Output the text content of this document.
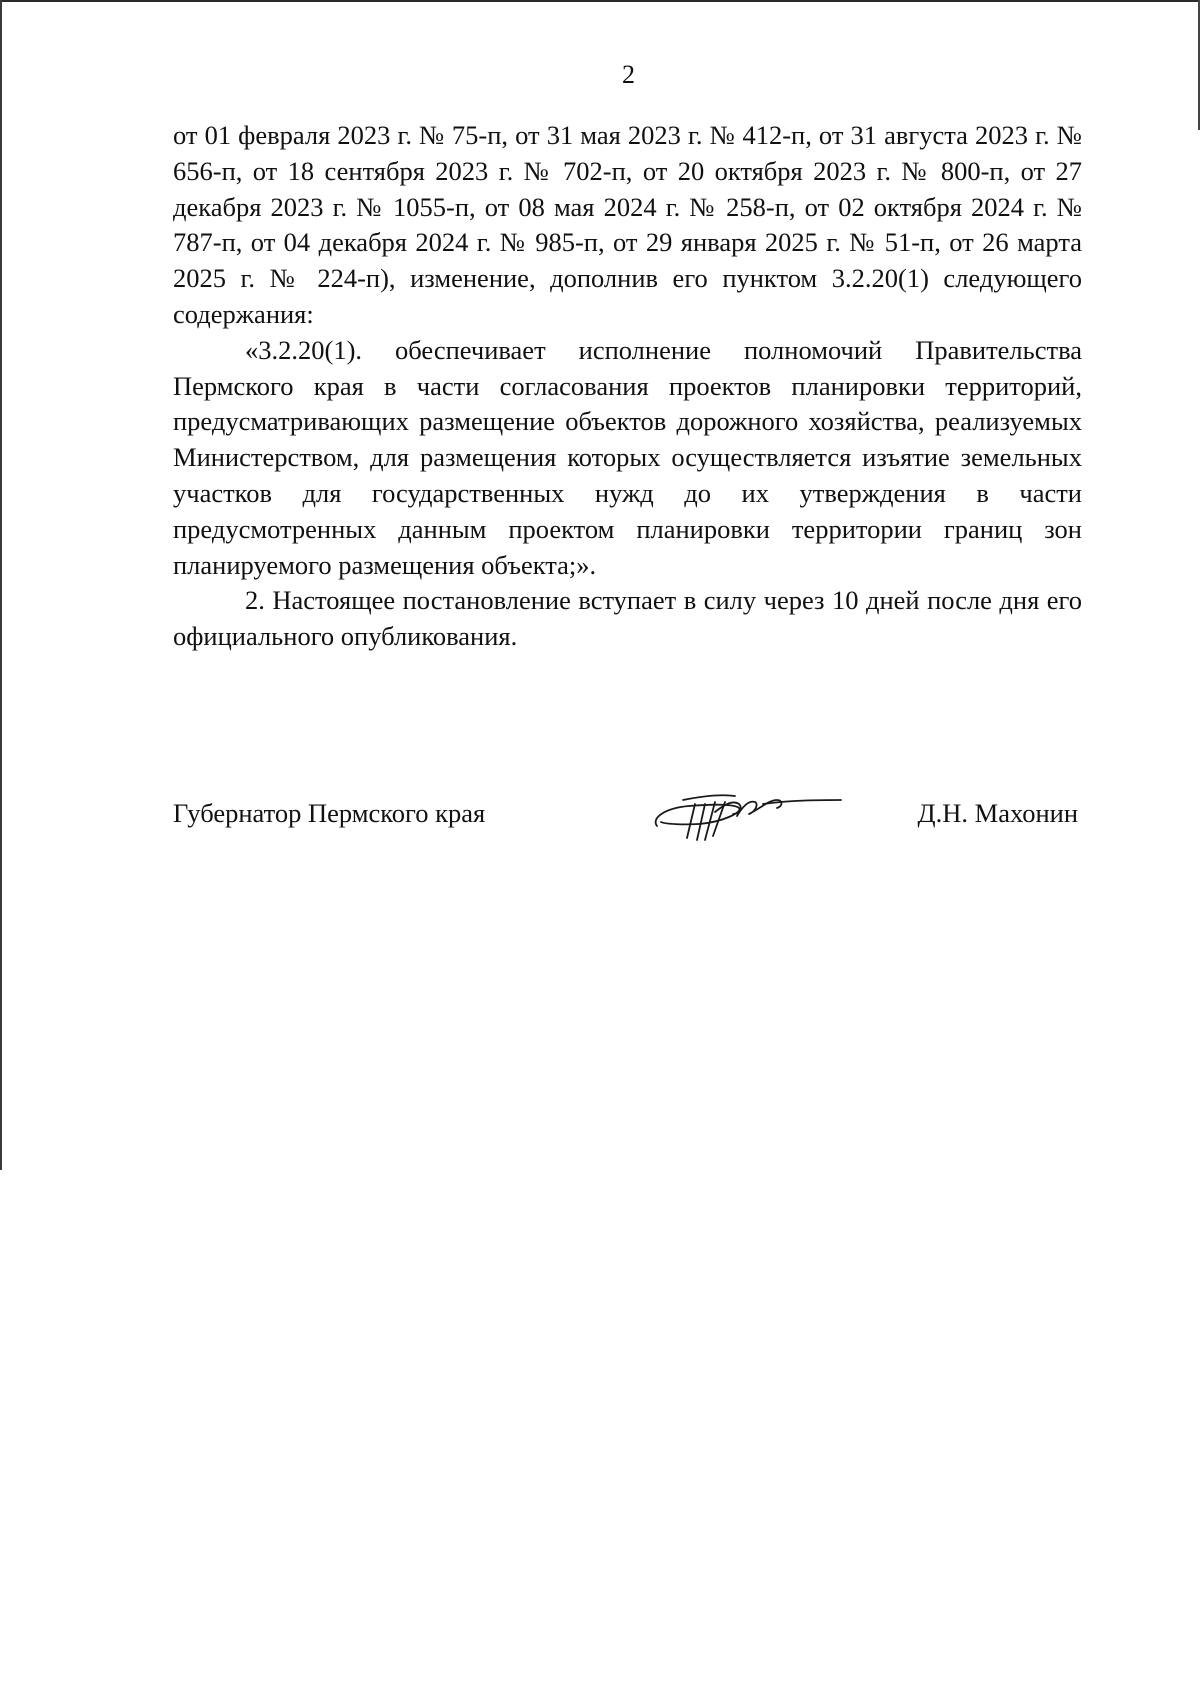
2

от 01 февраля 2023 г. № 75-п, от 31 мая 2023 г. № 412-п, от 31 августа 2023 г. № 656-п, от 18 сентября 2023 г. № 702-п, от 20 октября 2023 г. № 800-п, от 27 декабря 2023 г. № 1055-п, от 08 мая 2024 г. № 258-п, от 02 октября 2024 г. № 787-п, от 04 декабря 2024 г. № 985-п, от 29 января 2025 г. № 51-п, от 26 марта 2025 г. № 224-п), изменение, дополнив его пунктом 3.2.20(1) следующего содержания:

«3.2.20(1). обеспечивает исполнение полномочий Правительства Пермского края в части согласования проектов планировки территорий, предусматривающих размещение объектов дорожного хозяйства, реализуемых Министерством, для размещения которых осуществляется изъятие земельных участков для государственных нужд до их утверждения в части предусмотренных данным проектом планировки территории границ зон планируемого размещения объекта;».

2. Настоящее постановление вступает в силу через 10 дней после дня его официального опубликования.

Губернатор Пермского края	Д.Н. Махонин
